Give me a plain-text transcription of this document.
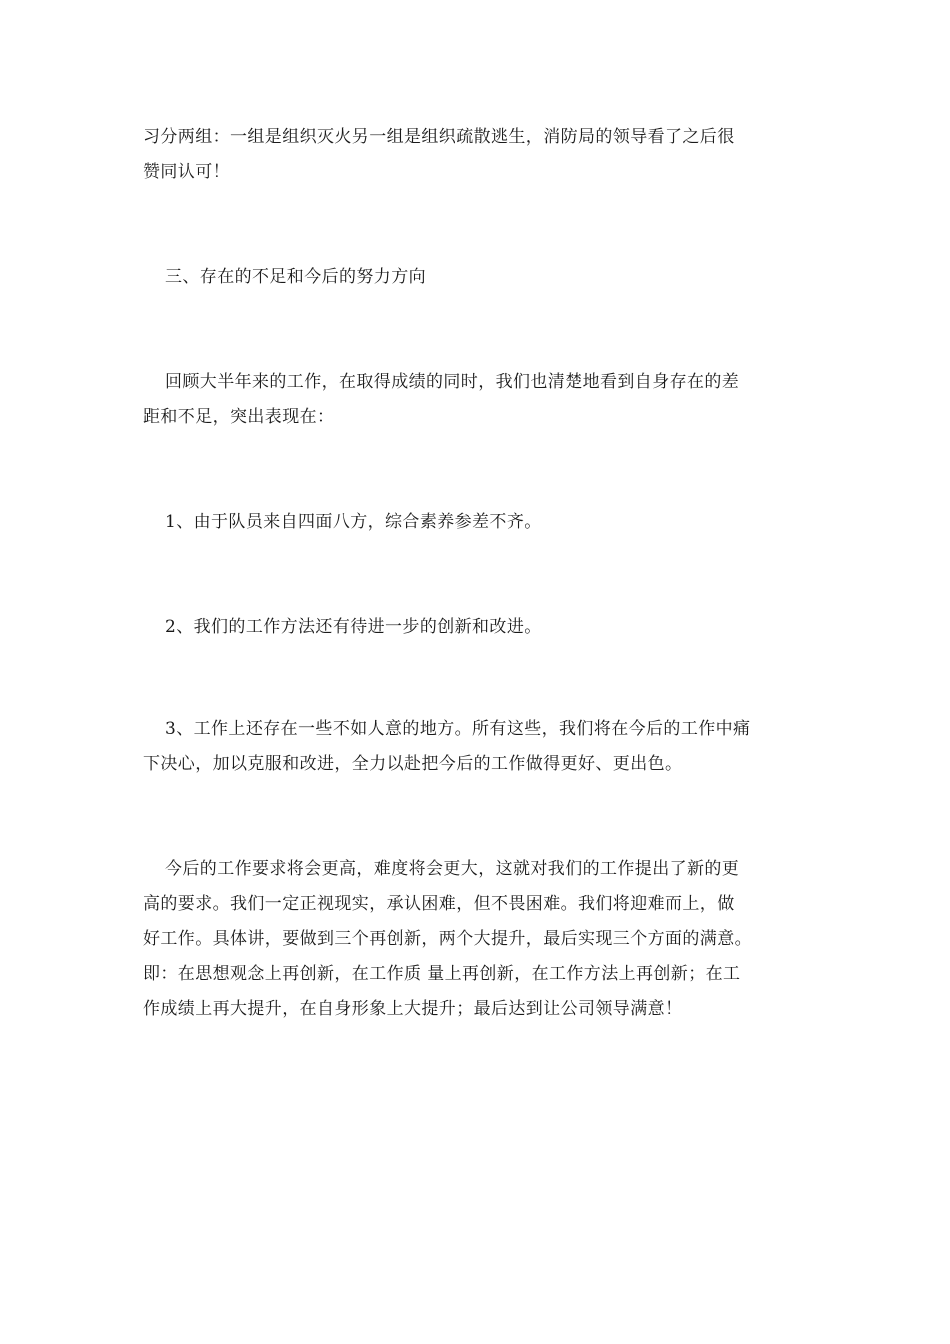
习分两组：一组是组织灭火另一组是组织疏散逃生，消防局的领导看了之后很
赞同认可！

三、存在的不足和今后的努力方向

回顾大半年来的工作，在取得成绩的同时，我们也清楚地看到自身存在的差
距和不足，突出表现在：

1、由于队员来自四面八方，综合素养参差不齐。

2、我们的工作方法还有待进一步的创新和改进。

3、工作上还存在一些不如人意的地方。所有这些，我们将在今后的工作中痛
下决心，加以克服和改进，全力以赴把今后的工作做得更好、更出色。

今后的工作要求将会更高，难度将会更大，这就对我们的工作提出了新的更
高的要求。我们一定正视现实，承认困难，但不畏困难。我们将迎难而上，做
好工作。具体讲，要做到三个再创新，两个大提升，最后实现三个方面的满意。
即：在思想观念上再创新，在工作质 量上再创新，在工作方法上再创新；在工
作成绩上再大提升，在自身形象上大提升；最后达到让公司领导满意！
